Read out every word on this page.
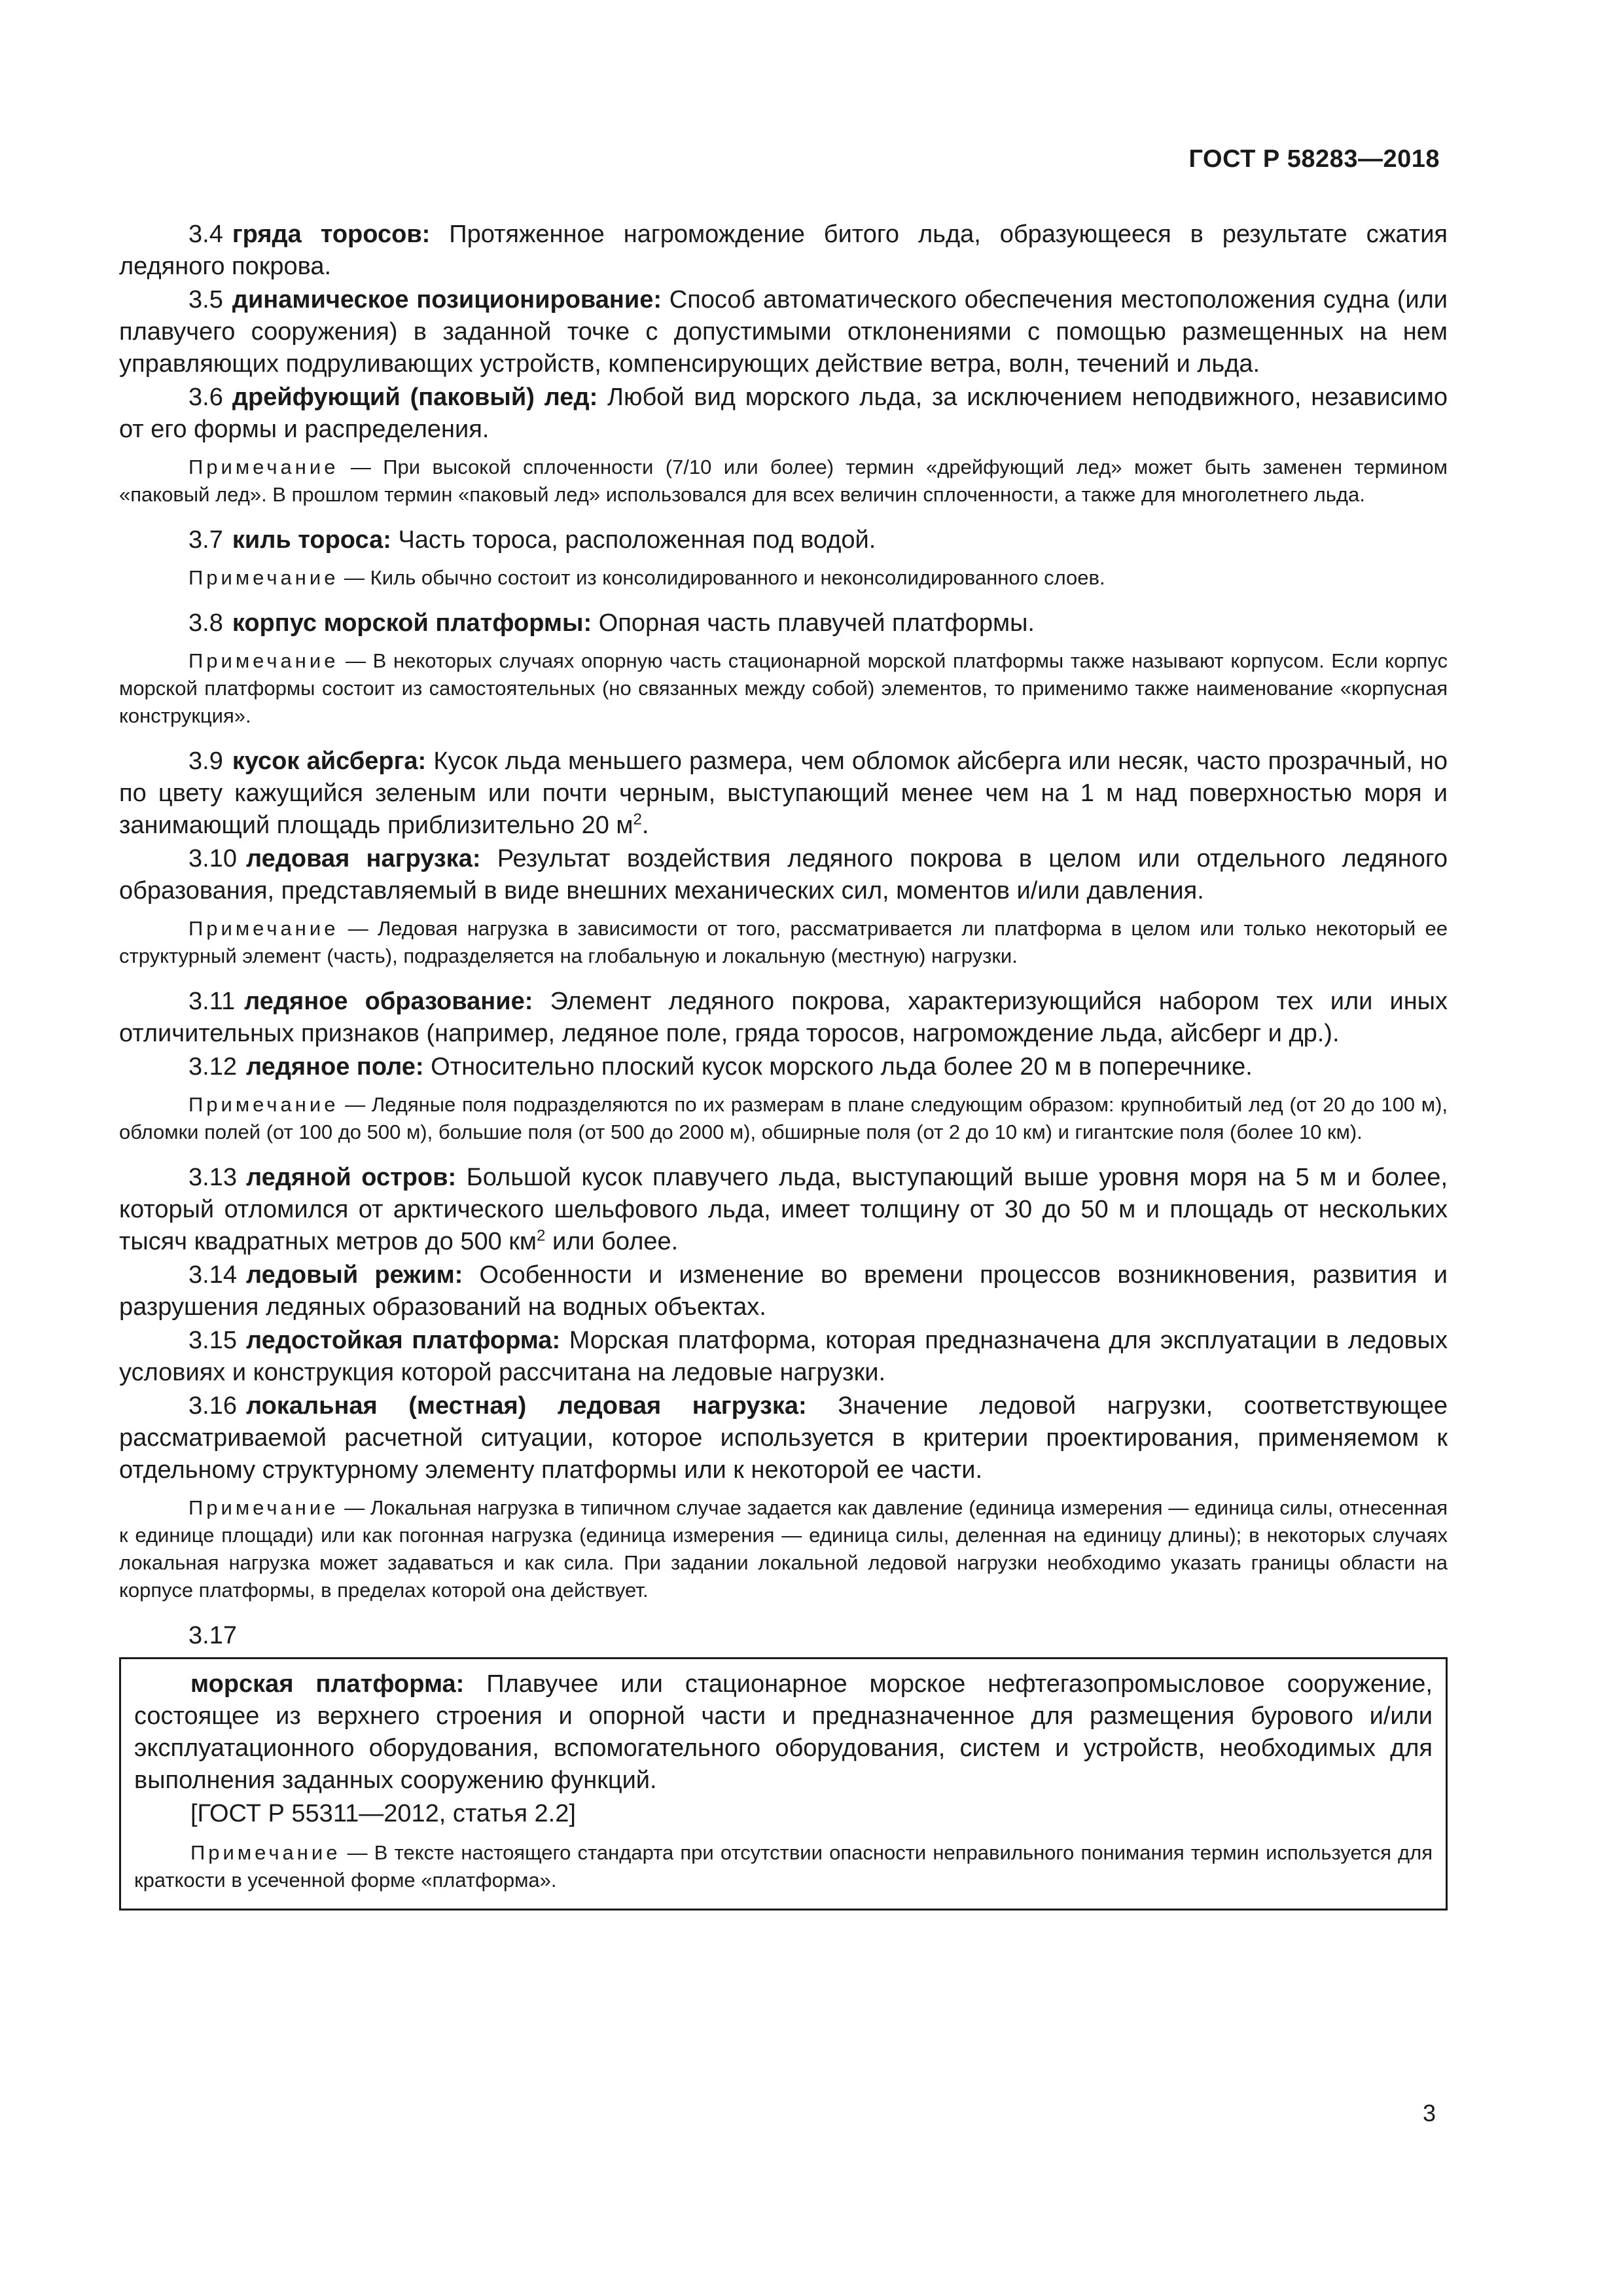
ГОСТ Р 58283—2018

3.4 гряда торосов: Протяженное нагромождение битого льда, образующееся в результате сжатия ледяного покрова.

3.5 динамическое позиционирование: Способ автоматического обеспечения местоположения судна (или плавучего сооружения) в заданной точке с допустимыми отклонениями с помощью размещенных на нем управляющих подруливающих устройств, компенсирующих действие ветра, волн, течений и льда.

3.6 дрейфующий (паковый) лед: Любой вид морского льда, за исключением неподвижного, независимо от его формы и распределения.

Примечание — При высокой сплоченности (7/10 или более) термин «дрейфующий лед» может быть заменен термином «паковый лед». В прошлом термин «паковый лед» использовался для всех величин сплоченности, а также для многолетнего льда.

3.7 киль тороса: Часть тороса, расположенная под водой.

Примечание — Киль обычно состоит из консолидированного и неконсолидированного слоев.

3.8 корпус морской платформы: Опорная часть плавучей платформы.

Примечание — В некоторых случаях опорную часть стационарной морской платформы также называют корпусом. Если корпус морской платформы состоит из самостоятельных (но связанных между собой) элементов, то применимо также наименование «корпусная конструкция».

3.9 кусок айсберга: Кусок льда меньшего размера, чем обломок айсберга или несяк, часто прозрачный, но по цвету кажущийся зеленым или почти черным, выступающий менее чем на 1 м над поверхностью моря и занимающий площадь приблизительно 20 $м^2$.

3.10 ледовая нагрузка: Результат воздействия ледяного покрова в целом или отдельного ледяного образования, представляемый в виде внешних механических сил, моментов и/или давления.

Примечание — Ледовая нагрузка в зависимости от того, рассматривается ли платформа в целом или только некоторый ее структурный элемент (часть), подразделяется на глобальную и локальную (местную) нагрузки.

3.11 ледяное образование: Элемент ледяного покрова, характеризующийся набором тех или иных отличительных признаков (например, ледяное поле, гряда торосов, нагромождение льда, айсберг и др.).

3.12 ледяное поле: Относительно плоский кусок морского льда более 20 м в поперечнике.

Примечание — Ледяные поля подразделяются по их размерам в плане следующим образом: крупнобитый лед (от 20 до 100 м), обломки полей (от 100 до 500 м), большие поля (от 500 до 2000 м), обширные поля (от 2 до 10 км) и гигантские поля (более 10 км).

3.13 ледяной остров: Большой кусок плавучего льда, выступающий выше уровня моря на 5 м и более, который отломился от арктического шельфового льда, имеет толщину от 30 до 50 м и площадь от нескольких тысяч квадратных метров до 500 $км^2$ или более.

3.14 ледовый режим: Особенности и изменение во времени процессов возникновения, развития и разрушения ледяных образований на водных объектах.

3.15 ледостойкая платформа: Морская платформа, которая предназначена для эксплуатации в ледовых условиях и конструкция которой рассчитана на ледовые нагрузки.

3.16 локальная (местная) ледовая нагрузка: Значение ледовой нагрузки, соответствующее рассматриваемой расчетной ситуации, которое используется в критерии проектирования, применяемом к отдельному структурному элементу платформы или к некоторой ее части.

Примечание — Локальная нагрузка в типичном случае задается как давление (единица измерения — единица силы, отнесенная к единице площади) или как погонная нагрузка (единица измерения — единица силы, деленная на единицу длины); в некоторых случаях локальная нагрузка может задаваться и как сила. При задании локальной ледовой нагрузки необходимо указать границы области на корпусе платформы, в пределах которой она действует.

3.17

морская платформа: Плавучее или стационарное морское нефтегазопромысловое сооружение, состоящее из верхнего строения и опорной части и предназначенное для размещения бурового и/или эксплуатационного оборудования, вспомогательного оборудования, систем и устройств, необходимых для выполнения заданных сооружению функций.

[ГОСТ Р 55311—2012, статья 2.2]

Примечание — В тексте настоящего стандарта при отсутствии опасности неправильного понимания термин используется для краткости в усеченной форме «платформа».

3
